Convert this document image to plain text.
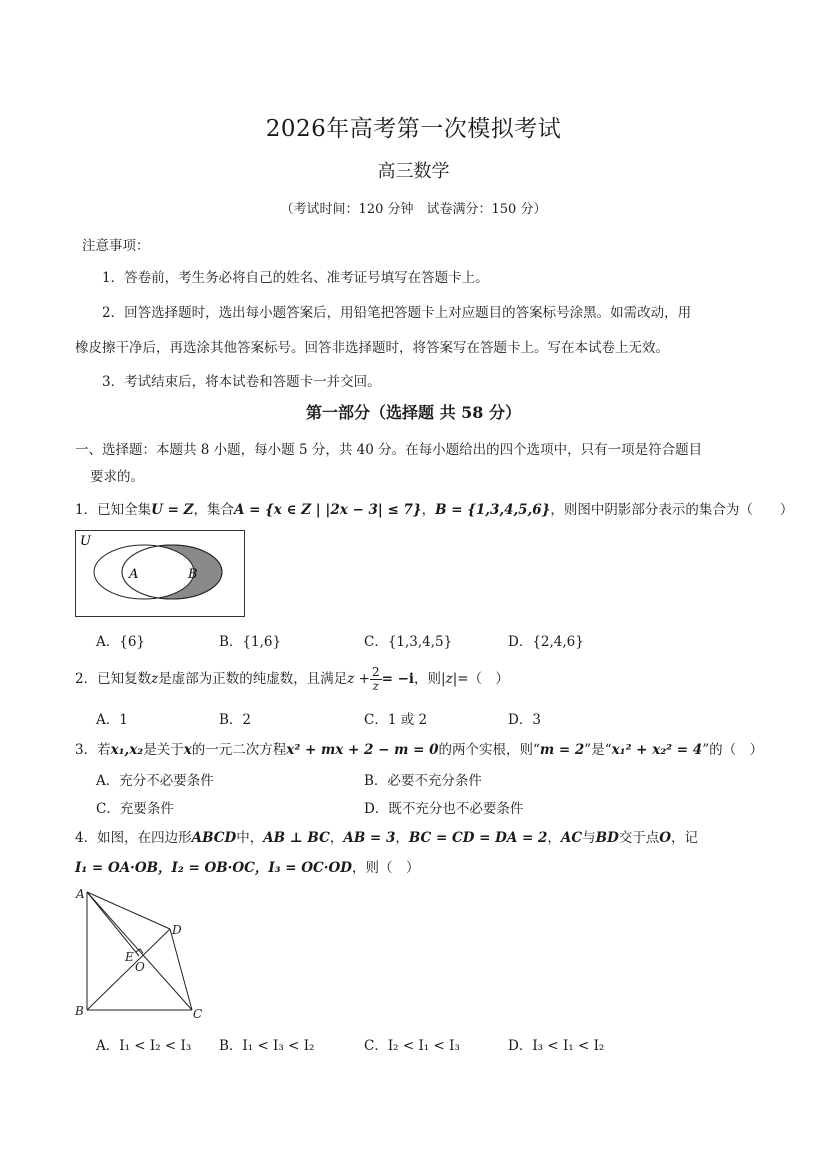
2026年高考第一次模拟考试
高三数学
（考试时间：120 分钟　试卷满分：150 分）
注意事项：
1．答卷前，考生务必将自己的姓名、准考证号填写在答题卡上。
2．回答选择题时，选出每小题答案后，用铅笔把答题卡上对应题目的答案标号涂黑。如需改动，用
橡皮擦干净后，再选涂其他答案标号。回答非选择题时，将答案写在答题卡上。写在本试卷上无效。
3．考试结束后，将本试卷和答题卡一并交回。
第一部分（选择题 共 58 分）
一、选择题：本题共 8 小题，每小题 5 分，共 40 分。在每小题给出的四个选项中，只有一项是符合题目
要求的。
1．已知全集U = Z，集合A = {x ∈ Z | |2x − 3| ≤ 7}，B = {1,3,4,5,6}，则图中阴影部分表示的集合为（　　）
U
A	B
A．{6}	B．{1,6}	C．{1,3,4,5}	D．{2,4,6}
2．已知复数z是虚部为正数的纯虚数，且满足$z + \frac{2}{z} = -i$，则|z|=（　）
A．1	B．2	C．1 或 2	D．3
3．若x₁,x₂是关于x的一元二次方程x² + mx + 2 − m = 0的两个实根，则“m = 2”是“x₁² + x₂² = 4”的（　）
A．充分不必要条件	B．必要不充分条件
C．充要条件	D．既不充分也不必要条件
4．如图，在四边形ABCD中，AB ⊥ BC，AB = 3，BC = CD = DA = 2，AC与BD交于点O，记
I₁ = OA·OB，I₂ = OB·OC，I₃ = OC·OD，则（　）
A
B	C
D
E
O
A．I₁ < I₂ < I₃ B．I₁ < I₃ < I₂	C．I₂ < I₁ < I₃	D．I₃ < I₁ < I₂
